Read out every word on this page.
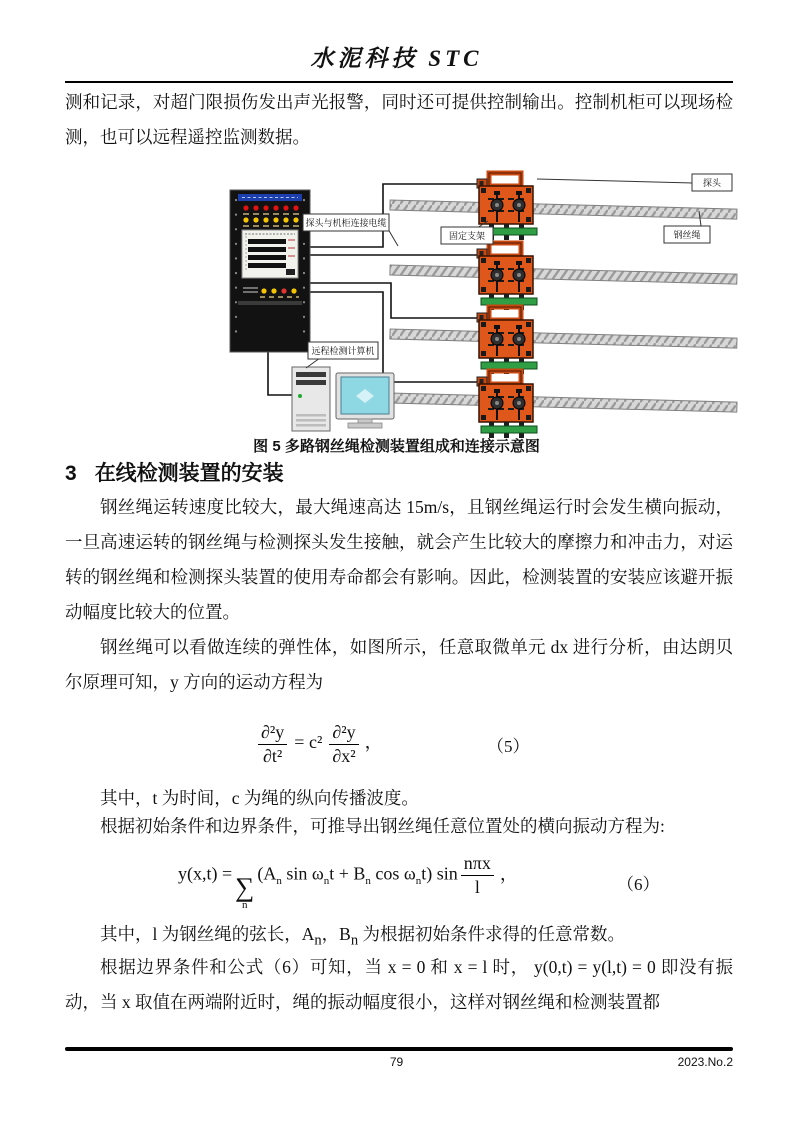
水泥科技 STC

测和记录，对超门限损伤发出声光报警，同时还可提供控制输出。控制机柜可以现场检测，也可以远程遥控监测数据。

探头与机柜连接电缆
探头
固定支架	钢丝绳
远程检测计算机
图 5 多路钢丝绳检测装置组成和连接示意图
3 在线检测装置的安装

钢丝绳运转速度比较大，最大绳速高达 15m/s，且钢丝绳运行时会发生横向振动，一旦高速运转的钢丝绳与检测探头发生接触，就会产生比较大的摩擦力和冲击力，对运转的钢丝绳和检测探头装置的使用寿命都会有影响。因此，检测装置的安装应该避开振动幅度比较大的位置。

钢丝绳可以看做连续的弹性体，如图所示，任意取微单元 dx 进行分析，由达朗贝尔原理可知，y 方向的运动方程为

$\frac{\text{∂²y}}{\text{∂t²}} = c^2 \frac{\text{∂²y}}{\text{∂x²}}$ ，	（5）

其中，t 为时间，c 为绳的纵向传播波度。

根据初始条件和边界条件，可推导出钢丝绳任意位置处的横向振动方程为:

y(x,t) = ∑
n
($A_n$ $\sin \omega_nt + B_n$ $\cos \omega_nt$) $\sin \frac{\text{nπx}}{l}$ ，
（6）

其中，l 为钢丝绳的弦长，$A_n$，$B_n$ 为根据初始条件求得的任意常数。

根据边界条件和公式（6）可知，当 x = 0 和 x = l 时， y(0,t) = y(l,t) = 0 即没有振动，当 x 取值在两端附近时，绳的振动幅度很小，这样对钢丝绳和检测装置都

79	2023.No.2
